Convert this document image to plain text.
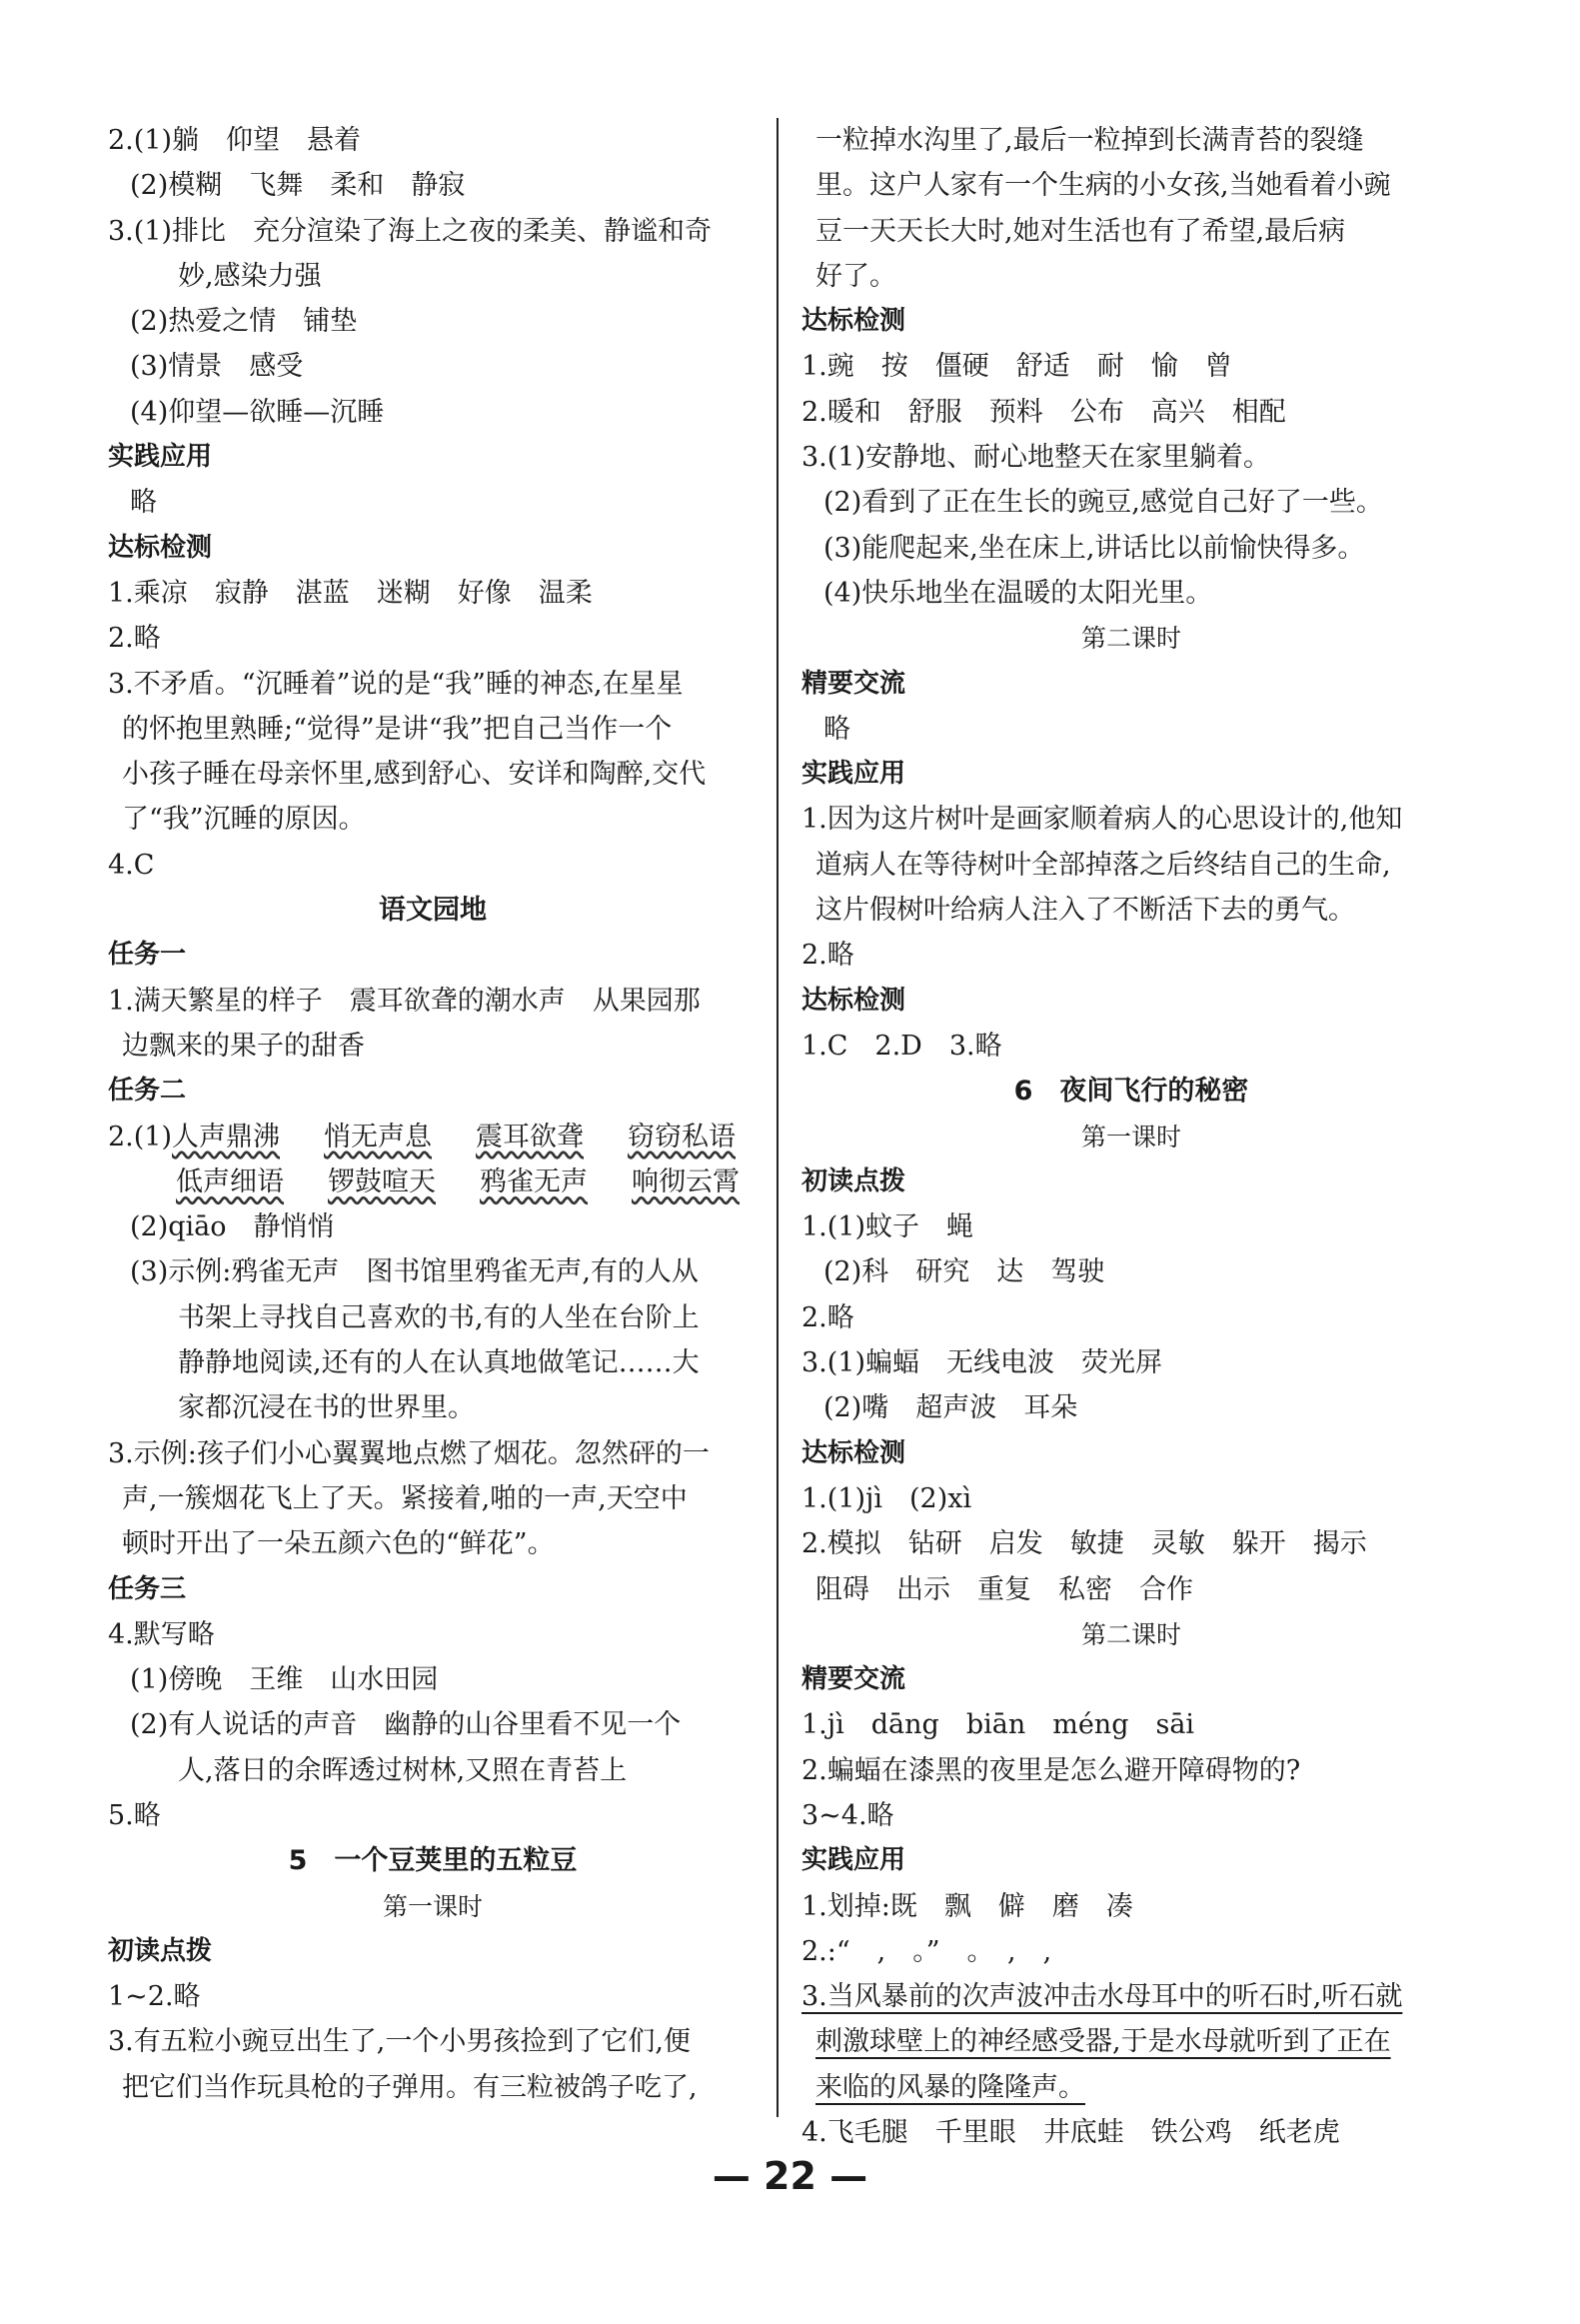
2.(1)躺　仰望　悬着
(2)模糊　飞舞　柔和　静寂
3.(1)排比　充分渲染了海上之夜的柔美、静谧和奇
妙,感染力强
(2)热爱之情　铺垫
(3)情景　感受
(4)仰望—欲睡—沉睡
实践应用
略
达标检测
1.乘凉　寂静　湛蓝　迷糊　好像　温柔
2.略
3.不矛盾。“沉睡着”说的是“我”睡的神态,在星星
的怀抱里熟睡;“觉得”是讲“我”把自己当作一个
小孩子睡在母亲怀里,感到舒心、安详和陶醉,交代
了“我”沉睡的原因。
4.C
语文园地
任务一
1.满天繁星的样子　震耳欲聋的潮水声　从果园那
边飘来的果子的甜香
任务二
2.(1)人声鼎沸 悄无声息 震耳欲聋 窃窃私语
低声细语 锣鼓喧天 鸦雀无声 响彻云霄
(2)qiāo　静悄悄
(3)示例:鸦雀无声　图书馆里鸦雀无声,有的人从
书架上寻找自己喜欢的书,有的人坐在台阶上
静静地阅读,还有的人在认真地做笔记……大
家都沉浸在书的世界里。
3.示例:孩子们小心翼翼地点燃了烟花。忽然砰的一
声,一簇烟花飞上了天。紧接着,啪的一声,天空中
顿时开出了一朵五颜六色的“鲜花”。
任务三
4.默写略
(1)傍晚　王维　山水田园
(2)有人说话的声音　幽静的山谷里看不见一个
人,落日的余晖透过树林,又照在青苔上
5.略
5　一个豆荚里的五粒豆
第一课时
初读点拨
1~2.略
3.有五粒小豌豆出生了,一个小男孩捡到了它们,便
把它们当作玩具枪的子弹用。有三粒被鸽子吃了,
一粒掉水沟里了,最后一粒掉到长满青苔的裂缝
里。这户人家有一个生病的小女孩,当她看着小豌
豆一天天长大时,她对生活也有了希望,最后病
好了。
达标检测
1.豌　按　僵硬　舒适　耐　愉　曾
2.暖和　舒服　预料　公布　高兴　相配
3.(1)安静地、耐心地整天在家里躺着。
(2)看到了正在生长的豌豆,感觉自己好了一些。
(3)能爬起来,坐在床上,讲话比以前愉快得多。
(4)快乐地坐在温暖的太阳光里。
第二课时
精要交流
略
实践应用
1.因为这片树叶是画家顺着病人的心思设计的,他知
道病人在等待树叶全部掉落之后终结自己的生命,
这片假树叶给病人注入了不断活下去的勇气。
2.略
达标检测
1.C　2.D　3.略
6　夜间飞行的秘密
第一课时
初读点拨
1.(1)蚊子　蝇
(2)科　研究　达　驾驶
2.略
3.(1)蝙蝠　无线电波　荧光屏
(2)嘴　超声波　耳朵
达标检测
1.(1)jì　(2)xì
2.模拟　钻研　启发　敏捷　灵敏　躲开　揭示
阻碍　出示　重复　私密　合作
第二课时
精要交流
1.jì　dāng　biān　méng　sāi
2.蝙蝠在漆黑的夜里是怎么避开障碍物的?
3~4.略
实践应用
1.划掉:既　飘　僻　磨　凑
2.:“　,　。”　。　,　,
3.当风暴前的次声波冲击水母耳中的听石时,听石就
刺激球壁上的神经感受器,于是水母就听到了正在
来临的风暴的隆隆声。
4.飞毛腿　千里眼　井底蛙　铁公鸡　纸老虎
— 22 —
